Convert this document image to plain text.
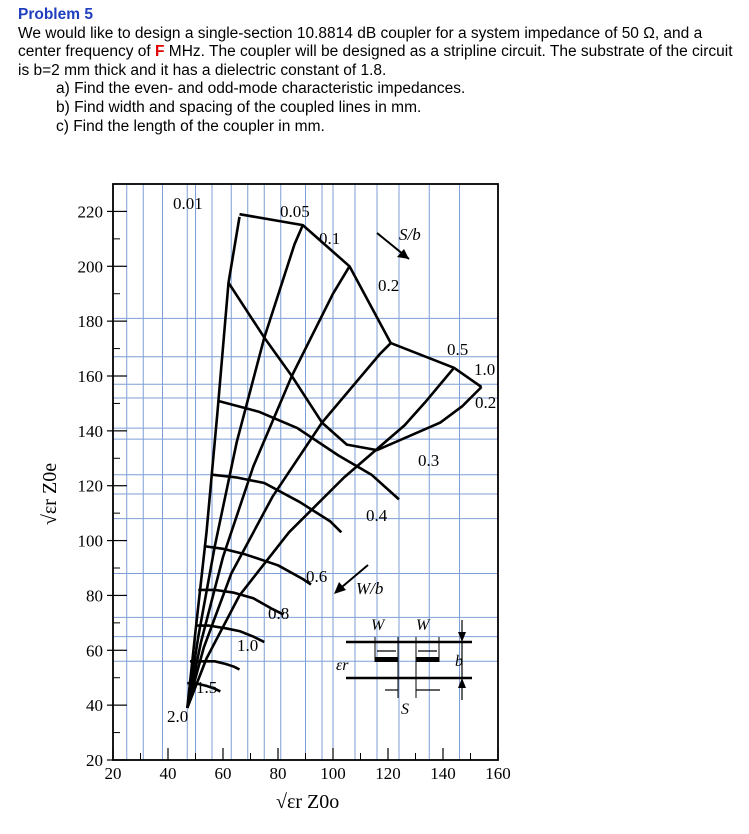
Problem 5
We would like to design a single-section 10.8814 dB coupler for a system impedance of 50 Ω, and a center frequency of F MHz. The coupler will be designed as a stripline circuit. The substrate of the circuit is b=2 mm thick and it has a dielectric constant of 1.8.
a) Find the even- and odd-mode characteristic impedances.
b) Find width and spacing of the coupled lines in mm.
c) Find the length of the coupler in mm.
20 40 60 80 100 120 140 160
20
40
60
80
100
120
140
160
180
200
220	0.01	0.05
0.1
0.2
0.5
1.0
0.2
0.3
0.4
0.6
0.8
1.0
1.5
2.0
S/b
W/b
√εr Z0o
√εr Z0e
W W
b
S
εr
